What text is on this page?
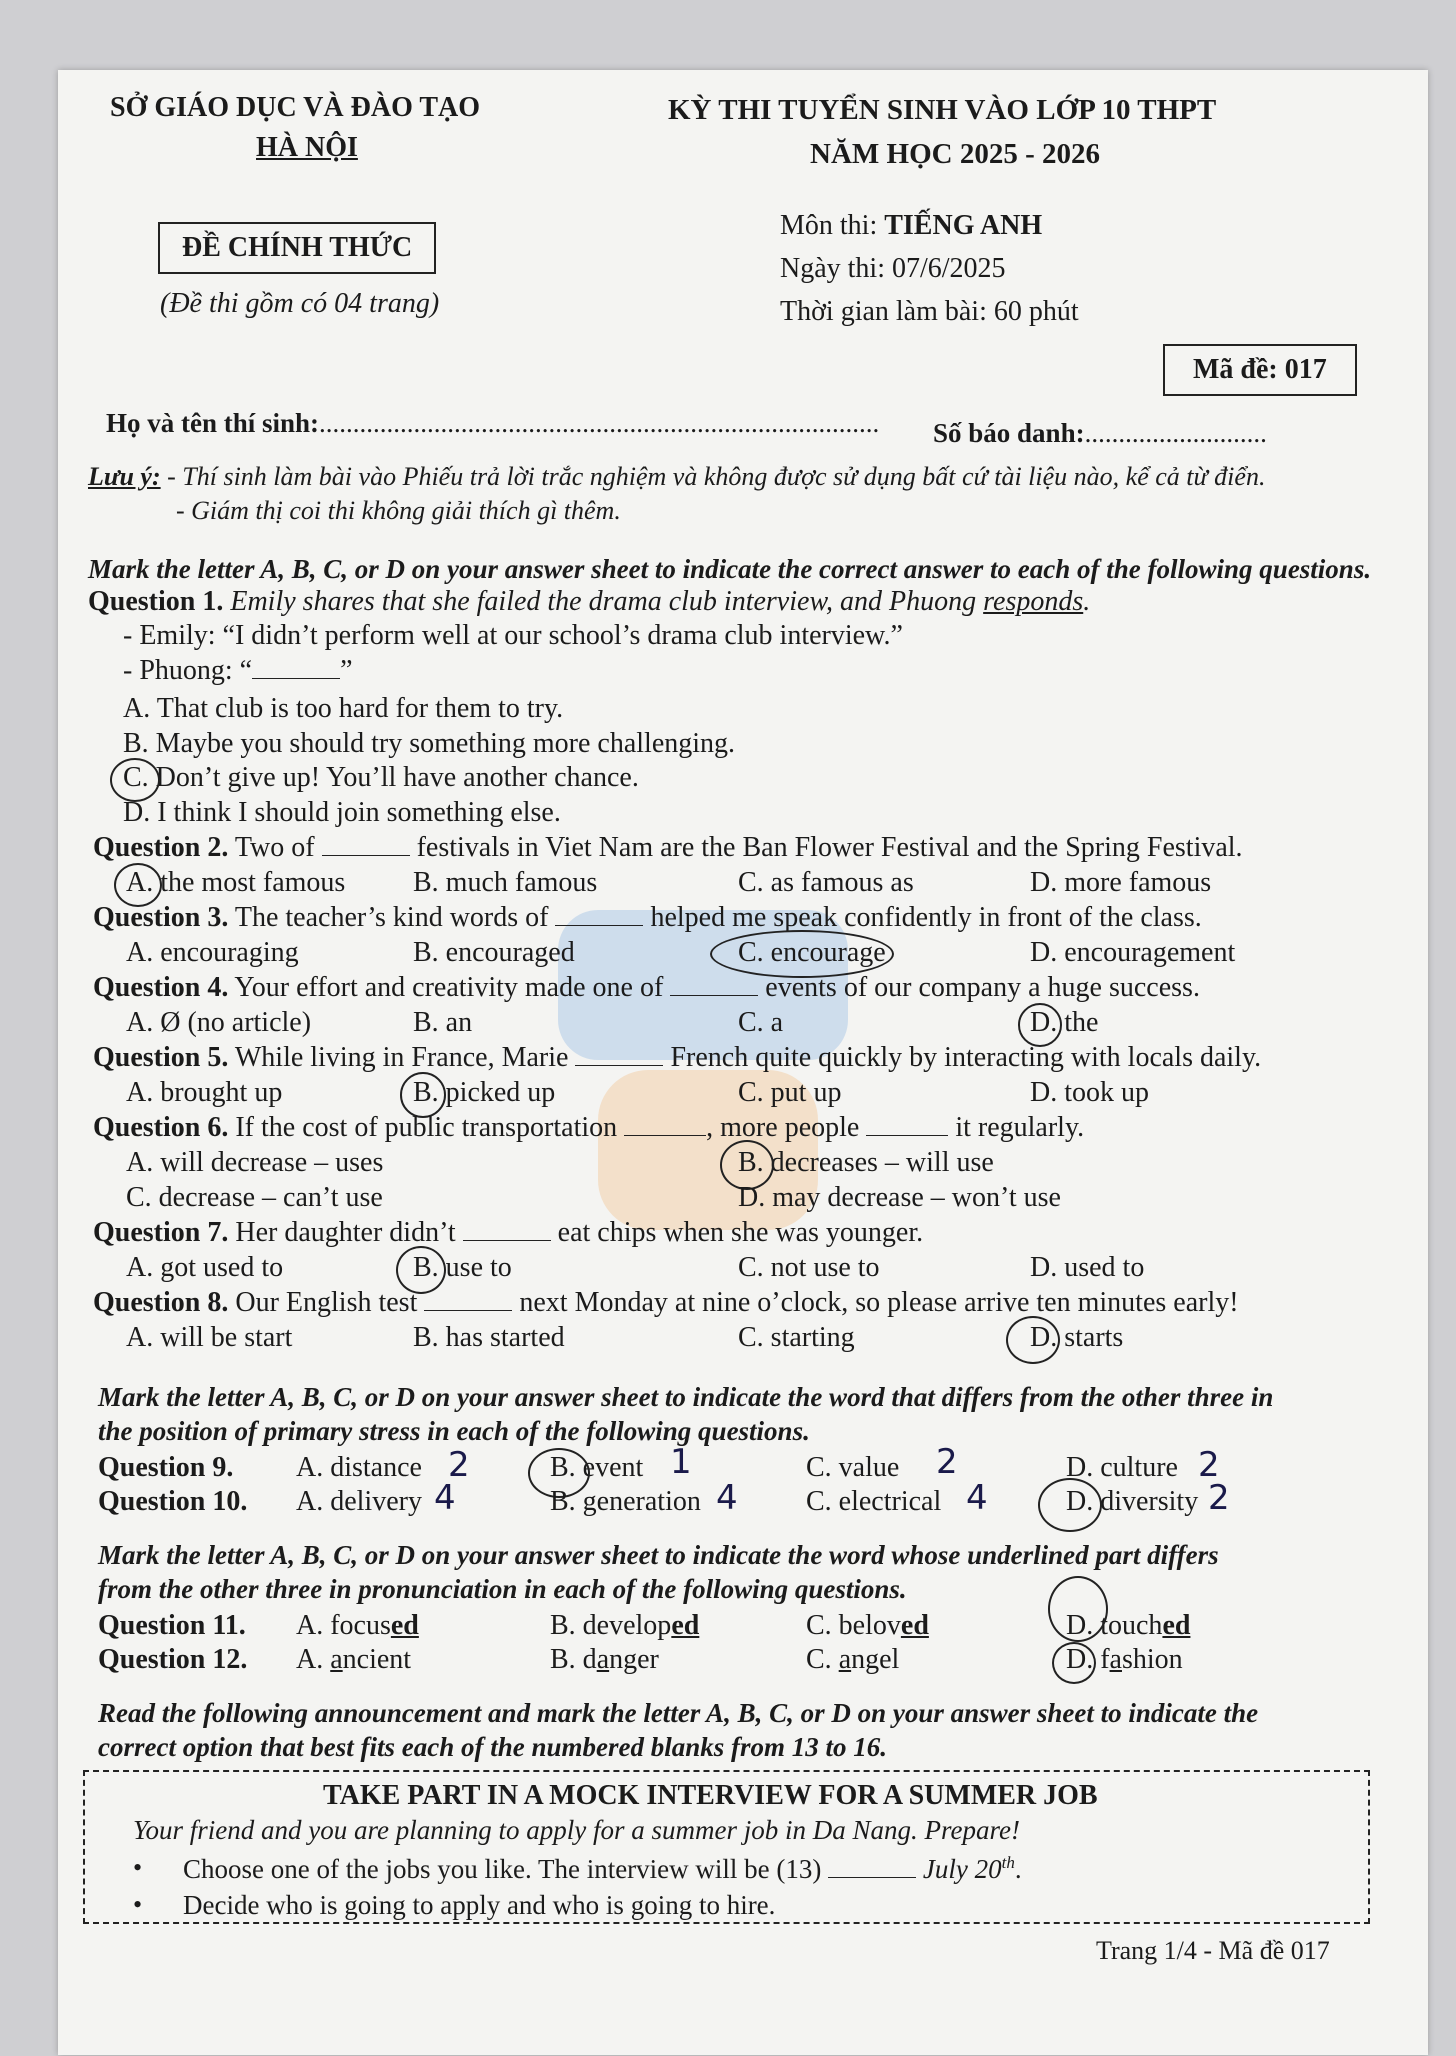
SỞ GIÁO DỤC VÀ ĐÀO TẠO
HÀ NỘI
ĐỀ CHÍNH THỨC
(Đề thi gồm có 04 trang)
KỲ THI TUYỂN SINH VÀO LỚP 10 THPT
NĂM HỌC 2025 - 2026
Môn thi: TIẾNG ANH
Ngày thi: 07/6/2025
Thời gian làm bài: 60 phút
Mã đề: 017
Họ và tên thí sinh:................................................................................... Số báo danh:...........................
Lưu ý: - Thí sinh làm bài vào Phiếu trả lời trắc nghiệm và không được sử dụng bất cứ tài liệu nào, kể cả từ điển.
- Giám thị coi thi không giải thích gì thêm.
Mark the letter A, B, C, or D on your answer sheet to indicate the correct answer to each of the following questions.
Question 1. Emily shares that she failed the drama club interview, and Phuong responds.
- Emily: “I didn’t perform well at our school’s drama club interview.”
- Phuong: “	”
A. That club is too hard for them to try.
B. Maybe you should try something more challenging.
C. Don’t give up! You’ll have another chance.
D. I think I should join something else.
Question 2. Two of	festivals in Viet Nam are the Ban Flower Festival and the Spring Festival.
A. the most famous B. much famous	C. as famous as	D. more famous
Question 3. The teacher’s kind words of	helped me speak confidently in front of the class.
A. encouraging	B. encouraged	C. encourage	D. encouragement
Question 4. Your effort and creativity made one of	events of our company a huge success.
A. Ø (no article)	B. an	C. a	D. the
Question 5. While living in France, Marie	French quite quickly by interacting with locals daily.
A. brought up	B. picked up	C. put up	D. took up
Question 6. If the cost of public transportation	, more people	it regularly.
A. will decrease – uses	B. decreases – will use
C. decrease – can’t use	D. may decrease – won’t use
Question 7. Her daughter didn’t	eat chips when she was younger.
A. got used to	B. use to	C. not use to	D. used to
Question 8. Our English test	next Monday at nine o’clock, so please arrive ten minutes early!
A. will be start	B. has started	C. starting	D. starts
Mark the letter A, B, C, or D on your answer sheet to indicate the word that differs from the other three in
the position of primary stress in each of the following questions.
Question 9. A. distance 2	B. event 1	C. value 2	D. culture 2
Question 10. A. delivery 4	B. generation 4 C. electrical 4	D. diversity 2
Mark the letter A, B, C, or D on your answer sheet to indicate the word whose underlined part differs
from the other three in pronunciation in each of the following questions.
Question 11. A. focused	B. developed	C. beloved	D. touched
Question 12. A. ancient	B. danger	C. angel	D. fashion
Read the following announcement and mark the letter A, B, C, or D on your answer sheet to indicate the
correct option that best fits each of the numbered blanks from 13 to 16.
TAKE PART IN A MOCK INTERVIEW FOR A SUMMER JOB
Your friend and you are planning to apply for a summer job in Da Nang. Prepare!
• Choose one of the jobs you like. The interview will be (13)	July 20th.
• Decide who is going to apply and who is going to hire.
Trang 1/4 - Mã đề 017
